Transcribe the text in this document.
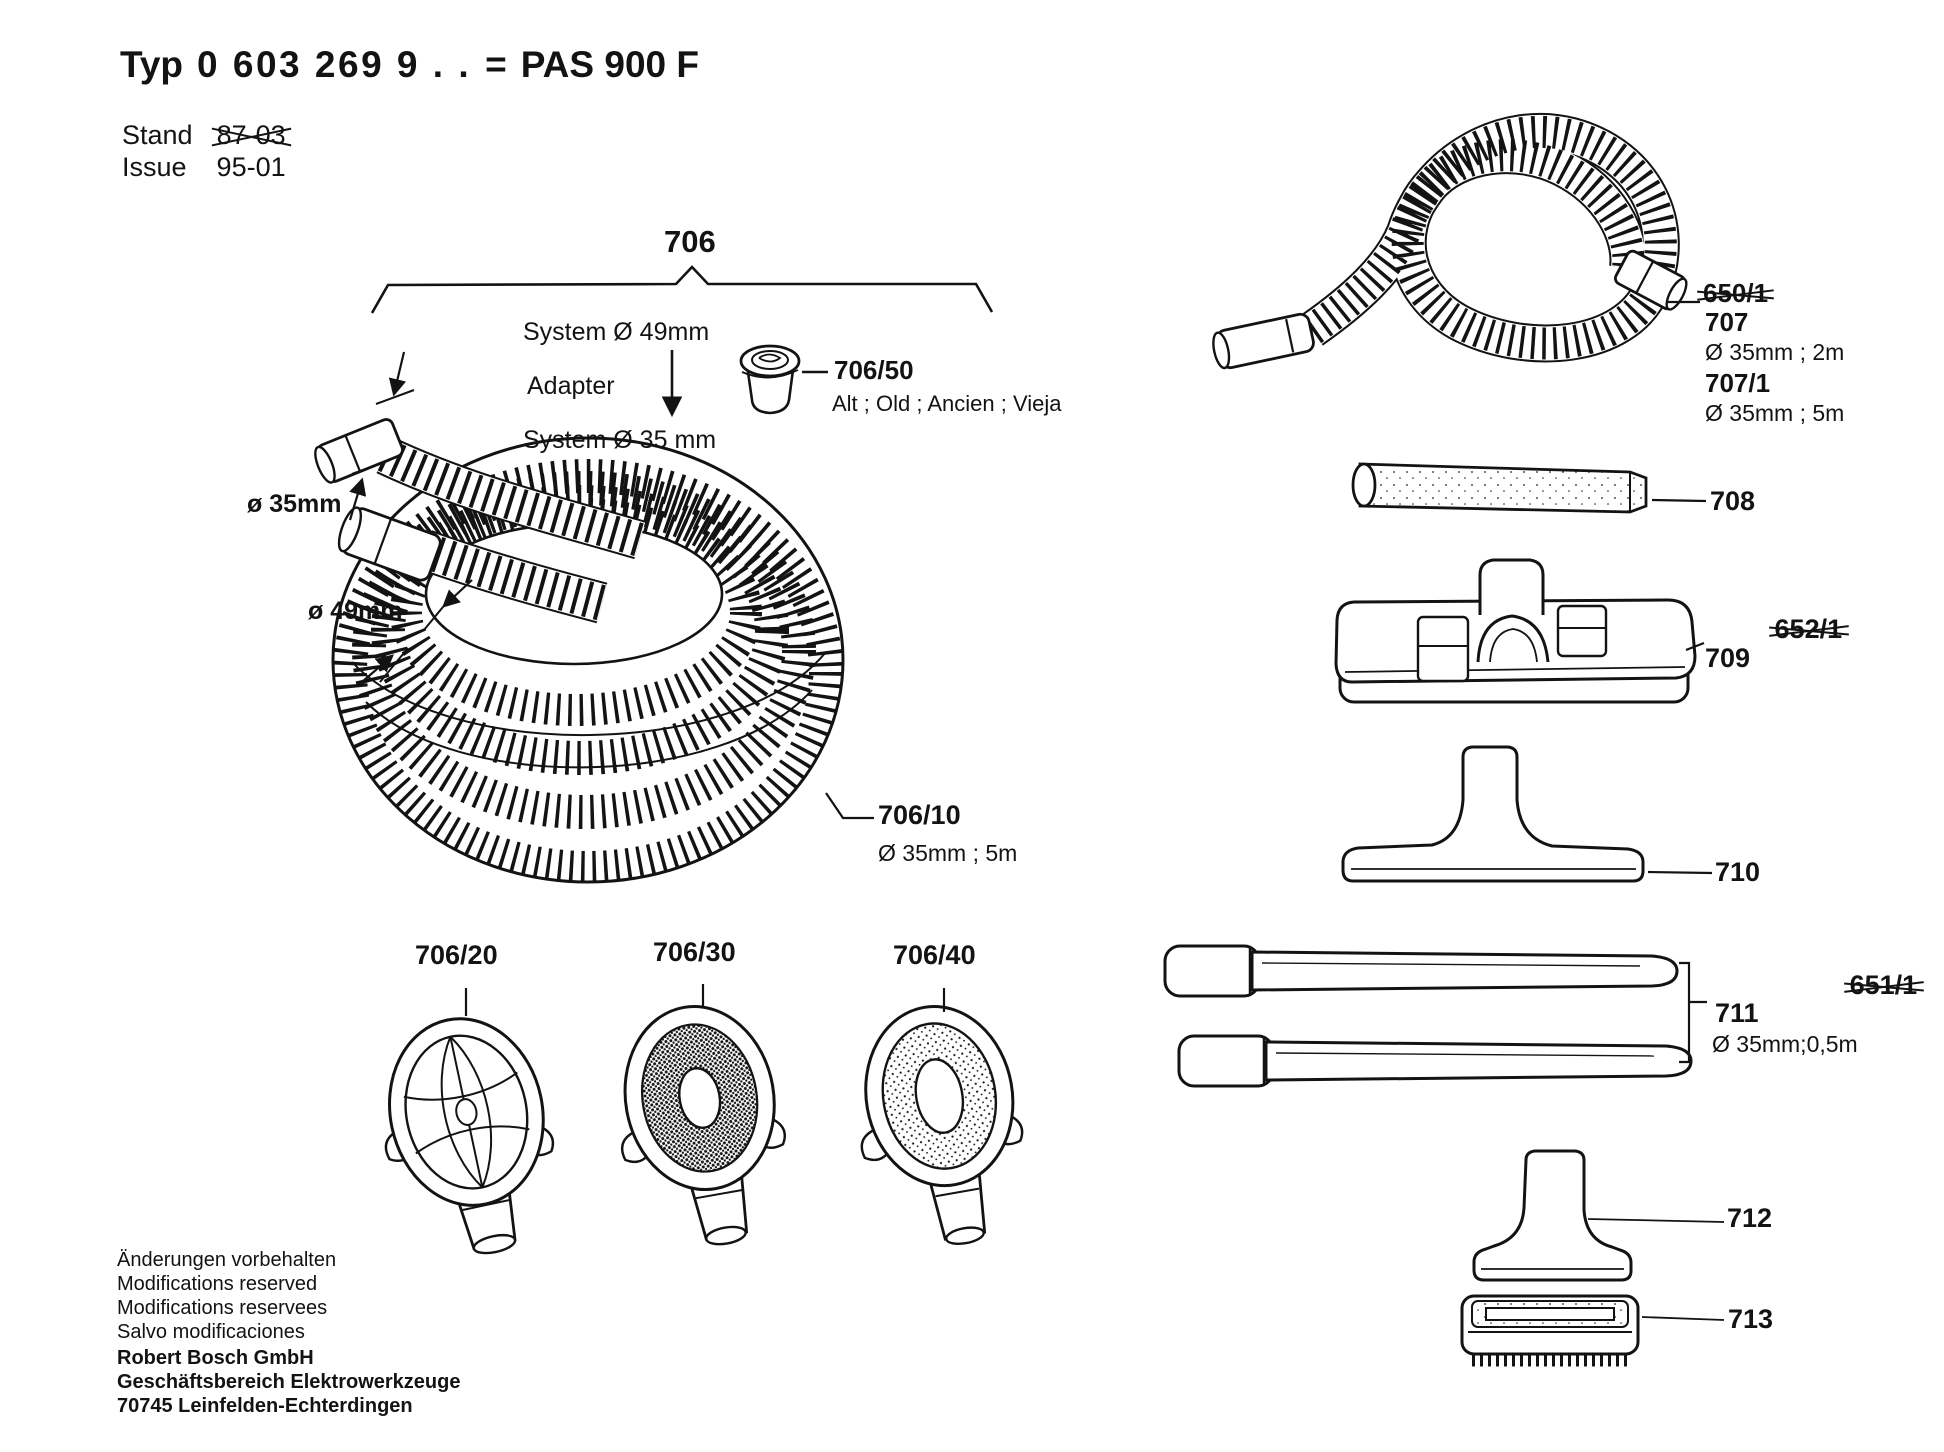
Typ 0 603 269 9 . . = PAS 900 F
Stand 87-03
Issue 95-01
706
System Ø 49mm
Adapter
System Ø 35 mm
706/50
Alt ; Old ; Ancien ; Vieja
ø 35mm
ø 49mm
706/10
Ø 35mm ; 5m
706/20	706/30	706/40
650/1
707
Ø 35mm ; 2m
707/1
Ø 35mm ; 5m
708
652/1
709
710
651/1
711
Ø 35mm;0,5m
712
713
Änderungen vorbehalten
Modifications reserved
Modifications reservees
Salvo modificaciones
Robert Bosch GmbH
Geschäftsbereich Elektrowerkzeuge
70745 Leinfelden-Echterdingen
